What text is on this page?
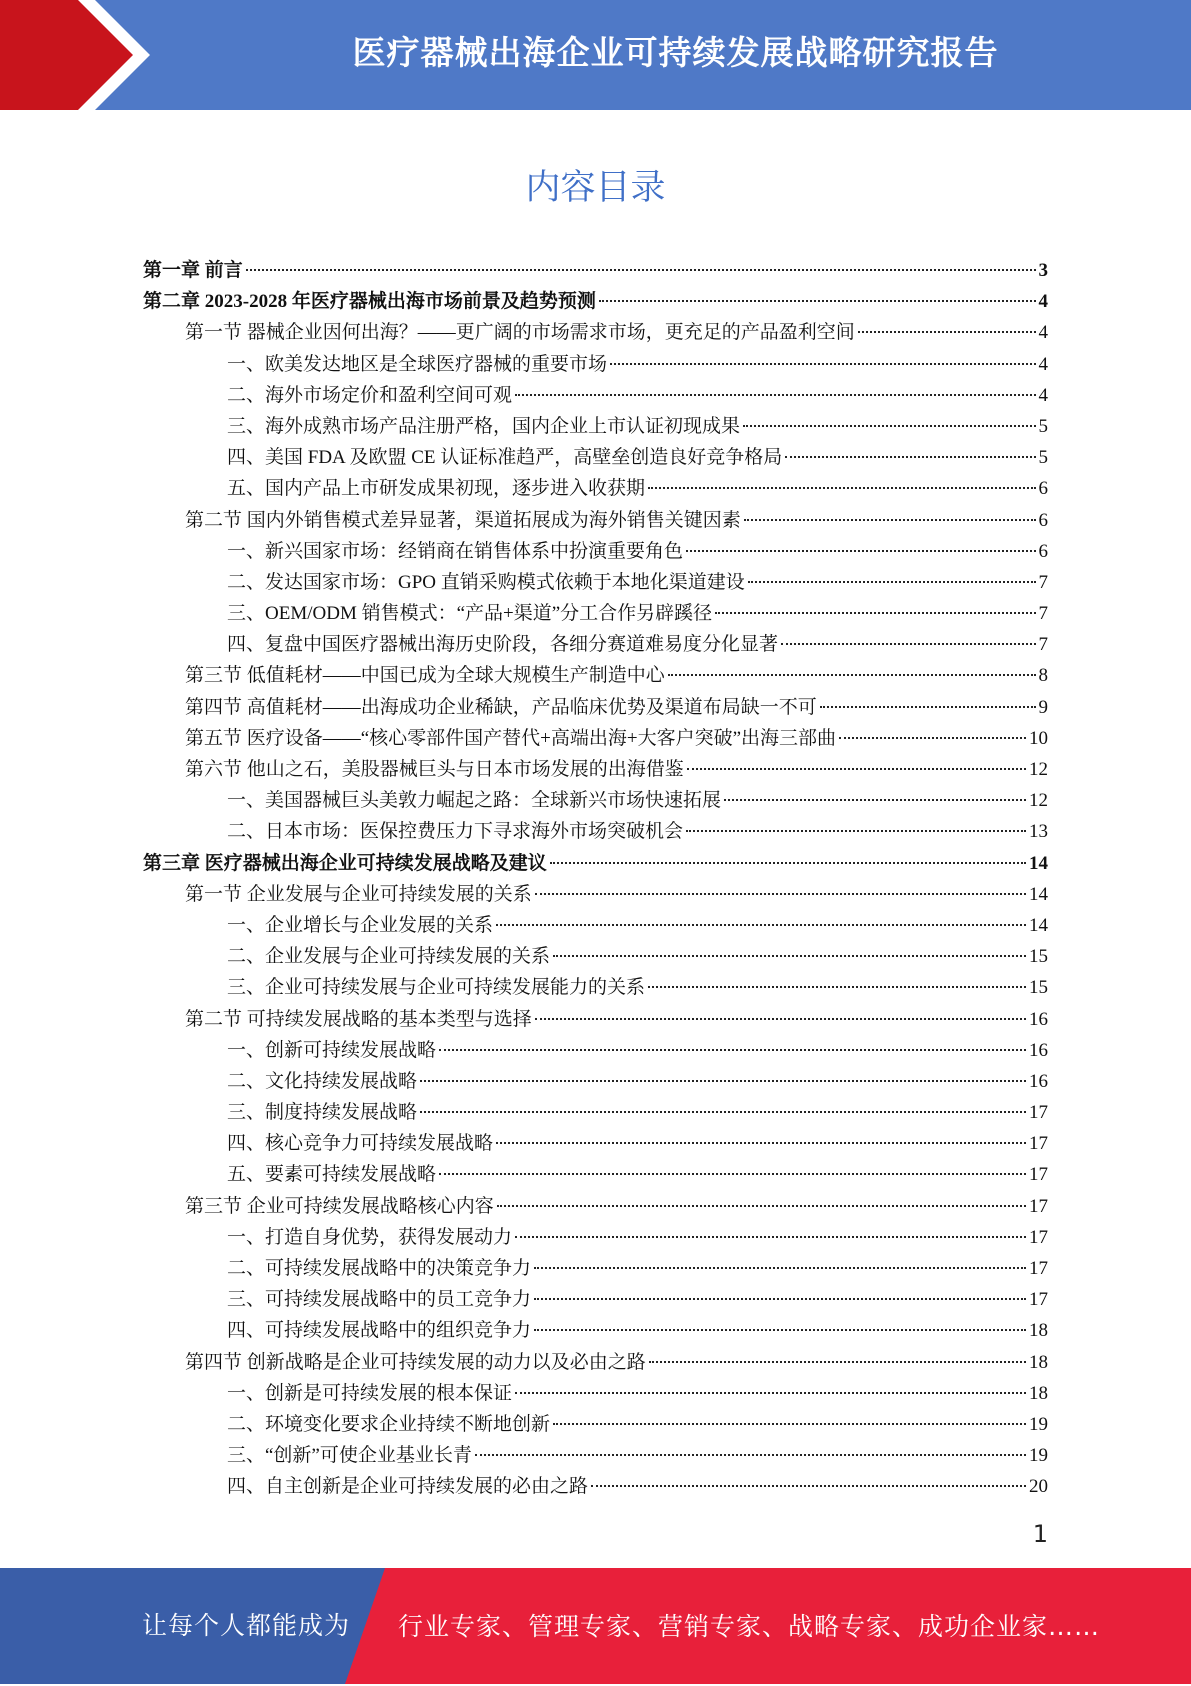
医疗器械出海企业可持续发展战略研究报告
内容目录
第一章 前言	3
第二章 2023-2028 年医疗器械出海市场前景及趋势预测	4
第一节 器械企业因何出海？——更广阔的市场需求市场，更充足的产品盈利空间	4
一、欧美发达地区是全球医疗器械的重要市场	4
二、海外市场定价和盈利空间可观	4
三、海外成熟市场产品注册严格，国内企业上市认证初现成果	5
四、美国 FDA 及欧盟 CE 认证标准趋严，高壁垒创造良好竞争格局	5
五、国内产品上市研发成果初现，逐步进入收获期	6
第二节 国内外销售模式差异显著，渠道拓展成为海外销售关键因素	6
一、新兴国家市场：经销商在销售体系中扮演重要角色	6
二、发达国家市场：GPO 直销采购模式依赖于本地化渠道建设	7
三、OEM/ODM 销售模式：“产品+渠道”分工合作另辟蹊径	7
四、复盘中国医疗器械出海历史阶段，各细分赛道难易度分化显著	7
第三节 低值耗材——中国已成为全球大规模生产制造中心	8
第四节 高值耗材——出海成功企业稀缺，产品临床优势及渠道布局缺一不可	9
第五节 医疗设备——“核心零部件国产替代+高端出海+大客户突破”出海三部曲	10
第六节 他山之石，美股器械巨头与日本市场发展的出海借鉴	12
一、美国器械巨头美敦力崛起之路：全球新兴市场快速拓展	12
二、日本市场：医保控费压力下寻求海外市场突破机会	13
第三章 医疗器械出海企业可持续发展战略及建议	14
第一节 企业发展与企业可持续发展的关系	14
一、企业增长与企业发展的关系	14
二、企业发展与企业可持续发展的关系	15
三、企业可持续发展与企业可持续发展能力的关系	15
第二节 可持续发展战略的基本类型与选择	16
一、创新可持续发展战略	16
二、文化持续发展战略	16
三、制度持续发展战略	17
四、核心竞争力可持续发展战略	17
五、要素可持续发展战略	17
第三节 企业可持续发展战略核心内容	17
一、打造自身优势，获得发展动力	17
二、可持续发展战略中的决策竞争力	17
三、可持续发展战略中的员工竞争力	17
四、可持续发展战略中的组织竞争力	18
第四节 创新战略是企业可持续发展的动力以及必由之路	18
一、创新是可持续发展的根本保证	18
二、环境变化要求企业持续不断地创新	19
三、“创新”可使企业基业长青	19
四、自主创新是企业可持续发展的必由之路	20
1
让每个人都能成为 行业专家、管理专家、营销专家、战略专家、成功企业家……
